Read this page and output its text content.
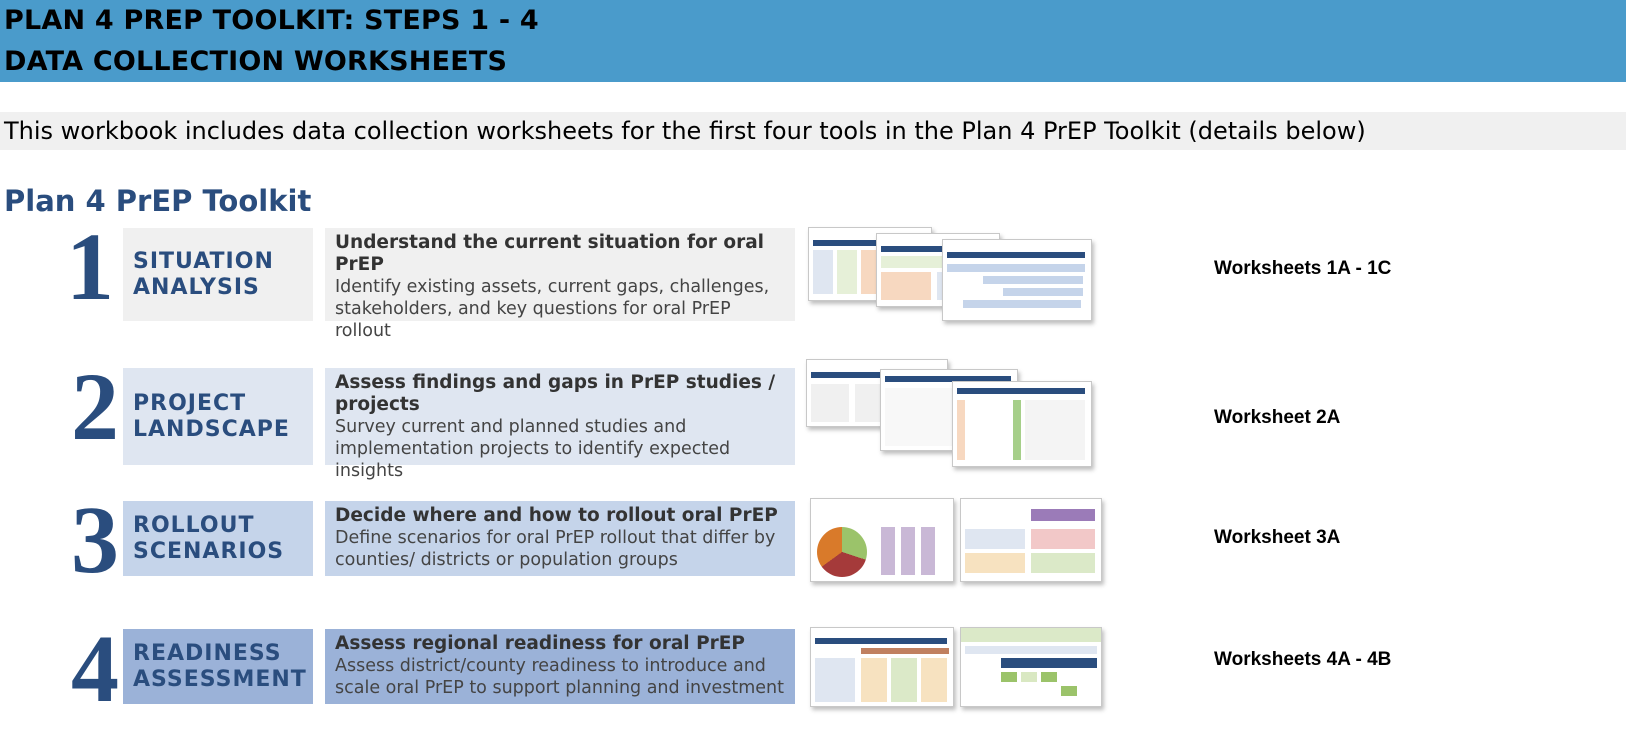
PLAN 4 PREP TOOLKIT: STEPS 1 - 4
DATA COLLECTION WORKSHEETS
This workbook includes data collection worksheets for the first four tools in the Plan 4 PrEP Toolkit (details below)
Plan 4 PrEP Toolkit
1 SITUATION
ANALYSIS
Understand the current situation for oral PrEP
Identify existing assets, current gaps, challenges, stakeholders, and key questions for oral PrEP rollout
Worksheets 1A - 1C
2 PROJECT
LANDSCAPE
Assess findings and gaps in PrEP studies / projects
Survey current and planned studies and implementation projects to identify expected insights
Worksheet 2A
3 ROLLOUT
SCENARIOS
Decide where and how to rollout oral PrEP
Define scenarios for oral PrEP rollout that differ by counties/ districts or population groups
Worksheet 3A
4 READINESS
ASSESSMENT
Assess regional readiness for oral PrEP
Assess district/county readiness to introduce and scale oral PrEP to support planning and investment
Worksheets 4A - 4B
